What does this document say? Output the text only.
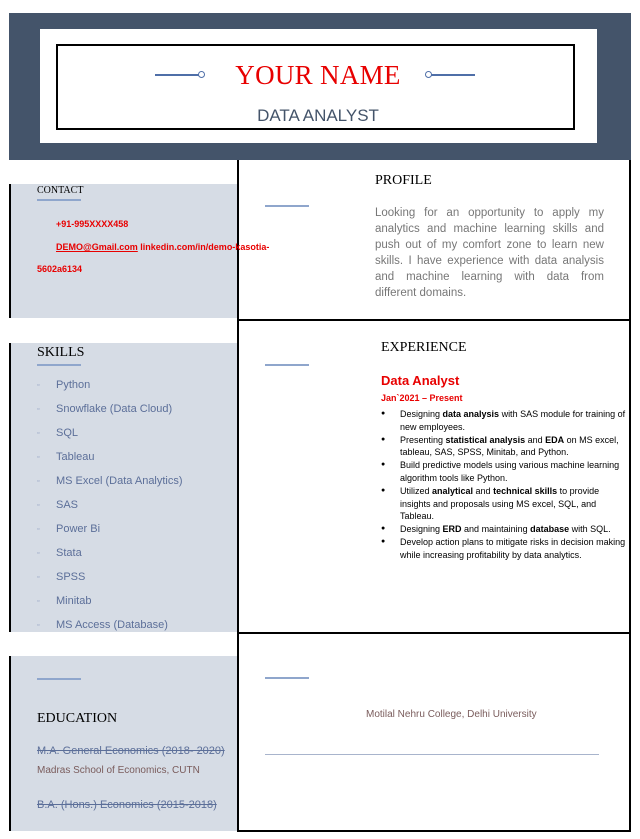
YOUR NAME
DATA ANALYST
CONTACT
+91-995XXXX458
DEMO@Gmail.com linkedin.com/in/demo-kasotia-
5602a6134
SKILLS
▫ Python
▫ Snowflake (Data Cloud)
▫ SQL
▫ Tableau
▫ MS Excel (Data Analytics)
▫ SAS
▫ Power Bi
▫ Stata
▫ SPSS
▫ Minitab
▫ MS Access (Database)
EDUCATION
M.A. General Economics (2018- 2020)
Madras School of Economics, CUTN
B.A. (Hons.) Economics (2015-2018)
PROFILE
Looking for an opportunity to apply my analytics and machine learning skills and push out of my comfort zone to learn new skills. I have experience with data analysis and machine learning with data from different domains.
EXPERIENCE
Data Analyst
Jan`2021 – Present
● Designing data analysis with SAS module for training of new employees.
● Presenting statistical analysis and EDA on MS excel, tableau, SAS, SPSS, Minitab, and Python.
● Build predictive models using various machine learning algorithm tools like Python.
● Utilized analytical and technical skills to provide insights and proposals using MS excel, SQL, and Tableau.
● Designing ERD and maintaining database with SQL.
● Develop action plans to mitigate risks in decision making while increasing profitability by data analytics.
Motilal Nehru College, Delhi University
